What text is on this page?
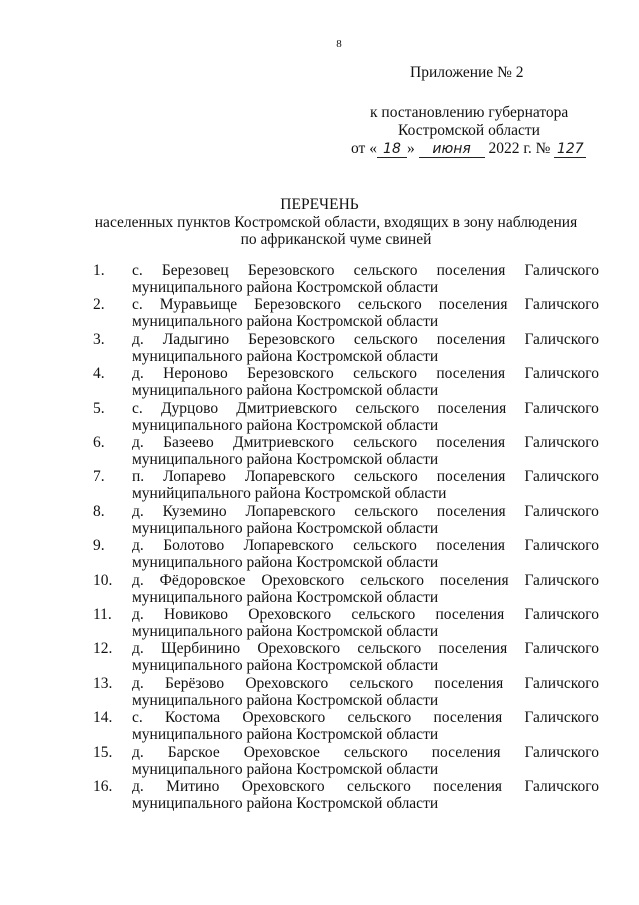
8
Приложение № 2
к постановлению губернатора
Костромской области
от « 18 » июня 2022 г. № 127
ПЕРЕЧЕНЬ
населенных пунктов Костромской области, входящих в зону наблюдения
по африканской чуме свиней
1. с. Березовец Березовского сельского поселения Галичского
муниципального района Костромской области
2. с. Муравьище Березовского сельского поселения Галичского
муниципального района Костромской области
3. д. Ладыгино Березовского сельского поселения Галичского
муниципального района Костромской области
4. д. Нероново Березовского сельского поселения Галичского
муниципального района Костромской области
5. с. Дурцово Дмитриевского сельского поселения Галичского
муниципального района Костромской области
6. д. Базеево Дмитриевского сельского поселения Галичского
муниципального района Костромской области
7. п. Лопарево Лопаревского сельского поселения Галичского
мунийципального района Костромской области
8. д. Куземино Лопаревского сельского поселения Галичского
муниципального района Костромской области
9. д. Болотово Лопаревского сельского поселения Галичского
муниципального района Костромской области
10. д. Фёдоровское Ореховского сельского поселения Галичского
муниципального района Костромской области
11. д. Новиково Ореховского сельского поселения Галичского
муниципального района Костромской области
12. д. Щербинино Ореховского сельского поселения Галичского
муниципального района Костромской области
13. д. Берёзово Ореховского сельского поселения Галичского
муниципального района Костромской области
14. с. Костома Ореховского сельского поселения Галичского
муниципального района Костромской области
15. д. Барское Ореховское сельского поселения Галичского
муниципального района Костромской области
16. д. Митино Ореховского сельского поселения Галичского
муниципального района Костромской области
